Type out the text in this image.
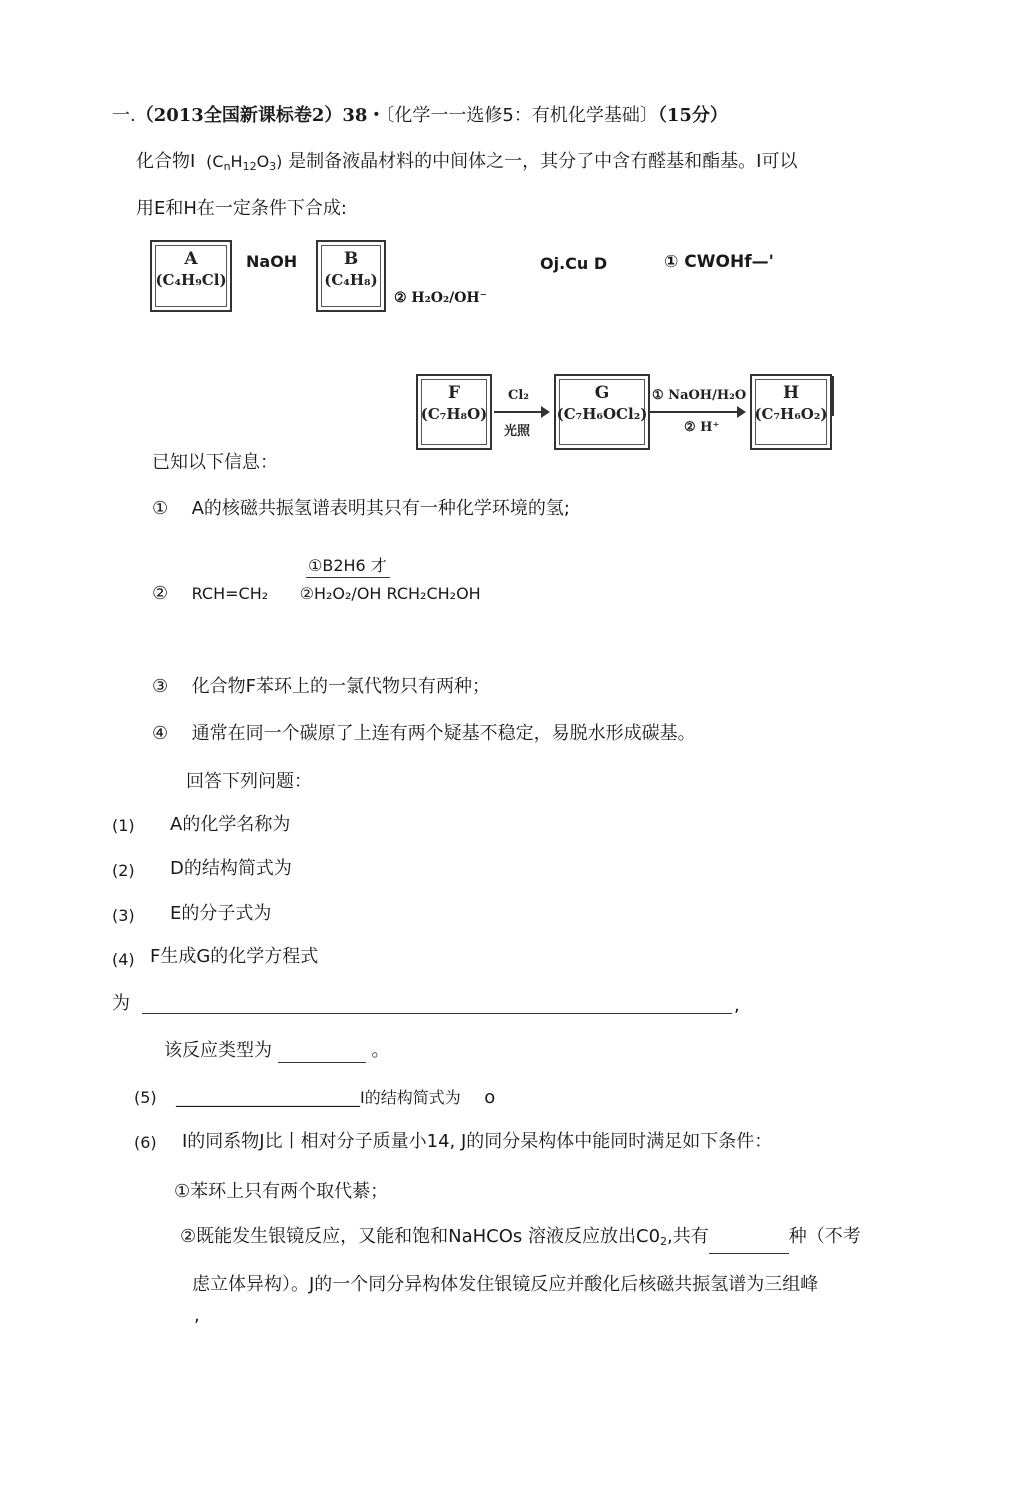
一.（2013全国新课标卷2）38・〔化学一一选修5：有机化学基础〕（15分）
化合物I $(C_nH_{12}O_3)$ 是制备液晶材料的中间体之一，其分了中含冇醛基和酯基。I可以
用E和H在一定条件下合成:
A
(C₄H₉Cl)
NaOH	B
(C₄H₈)
② H₂O₂/OH⁻
Oj.Cu D	① CWOHf—'
F
(C₇H₈O)
Cl₂
光照
G
(C₇H₆OCl₂)
① NaOH/H₂O
② H⁺
H
(C₇H₆O₂)
已知以下信息：
① A的核磁共振氢谱表明其只有一种化学环境的氢;
①B2H6 才
② RCH=CH₂ ②H₂O₂/OH RCH₂CH₂OH
③ 化合物F苯环上的一氯代物只有两种；
④ 通常在同一个碳原了上连有两个疑基不稳定，易脱水形成碳基。
回答下列问题：
(1) A的化学名称为
(2) D的结构简式为
(3) E的分子式为
(4) F生成G的化学方程式
为	,
该反应类型为	。
(5) _______________________I的结构简式为 o
(6) I的同系物J比丨相对分子质量小14, J的同分杲构体中能同时满足如下条件：
①苯环上只有两个取代綦；
②既能发生银镜反应，又能和饱和NaHCOs 溶液反应放出$C0_2$,共有	种（不考
虑立体异构）。J的一个同分异构体发住银镜反应并酸化后核磁共振氢谱为三组峰
,
